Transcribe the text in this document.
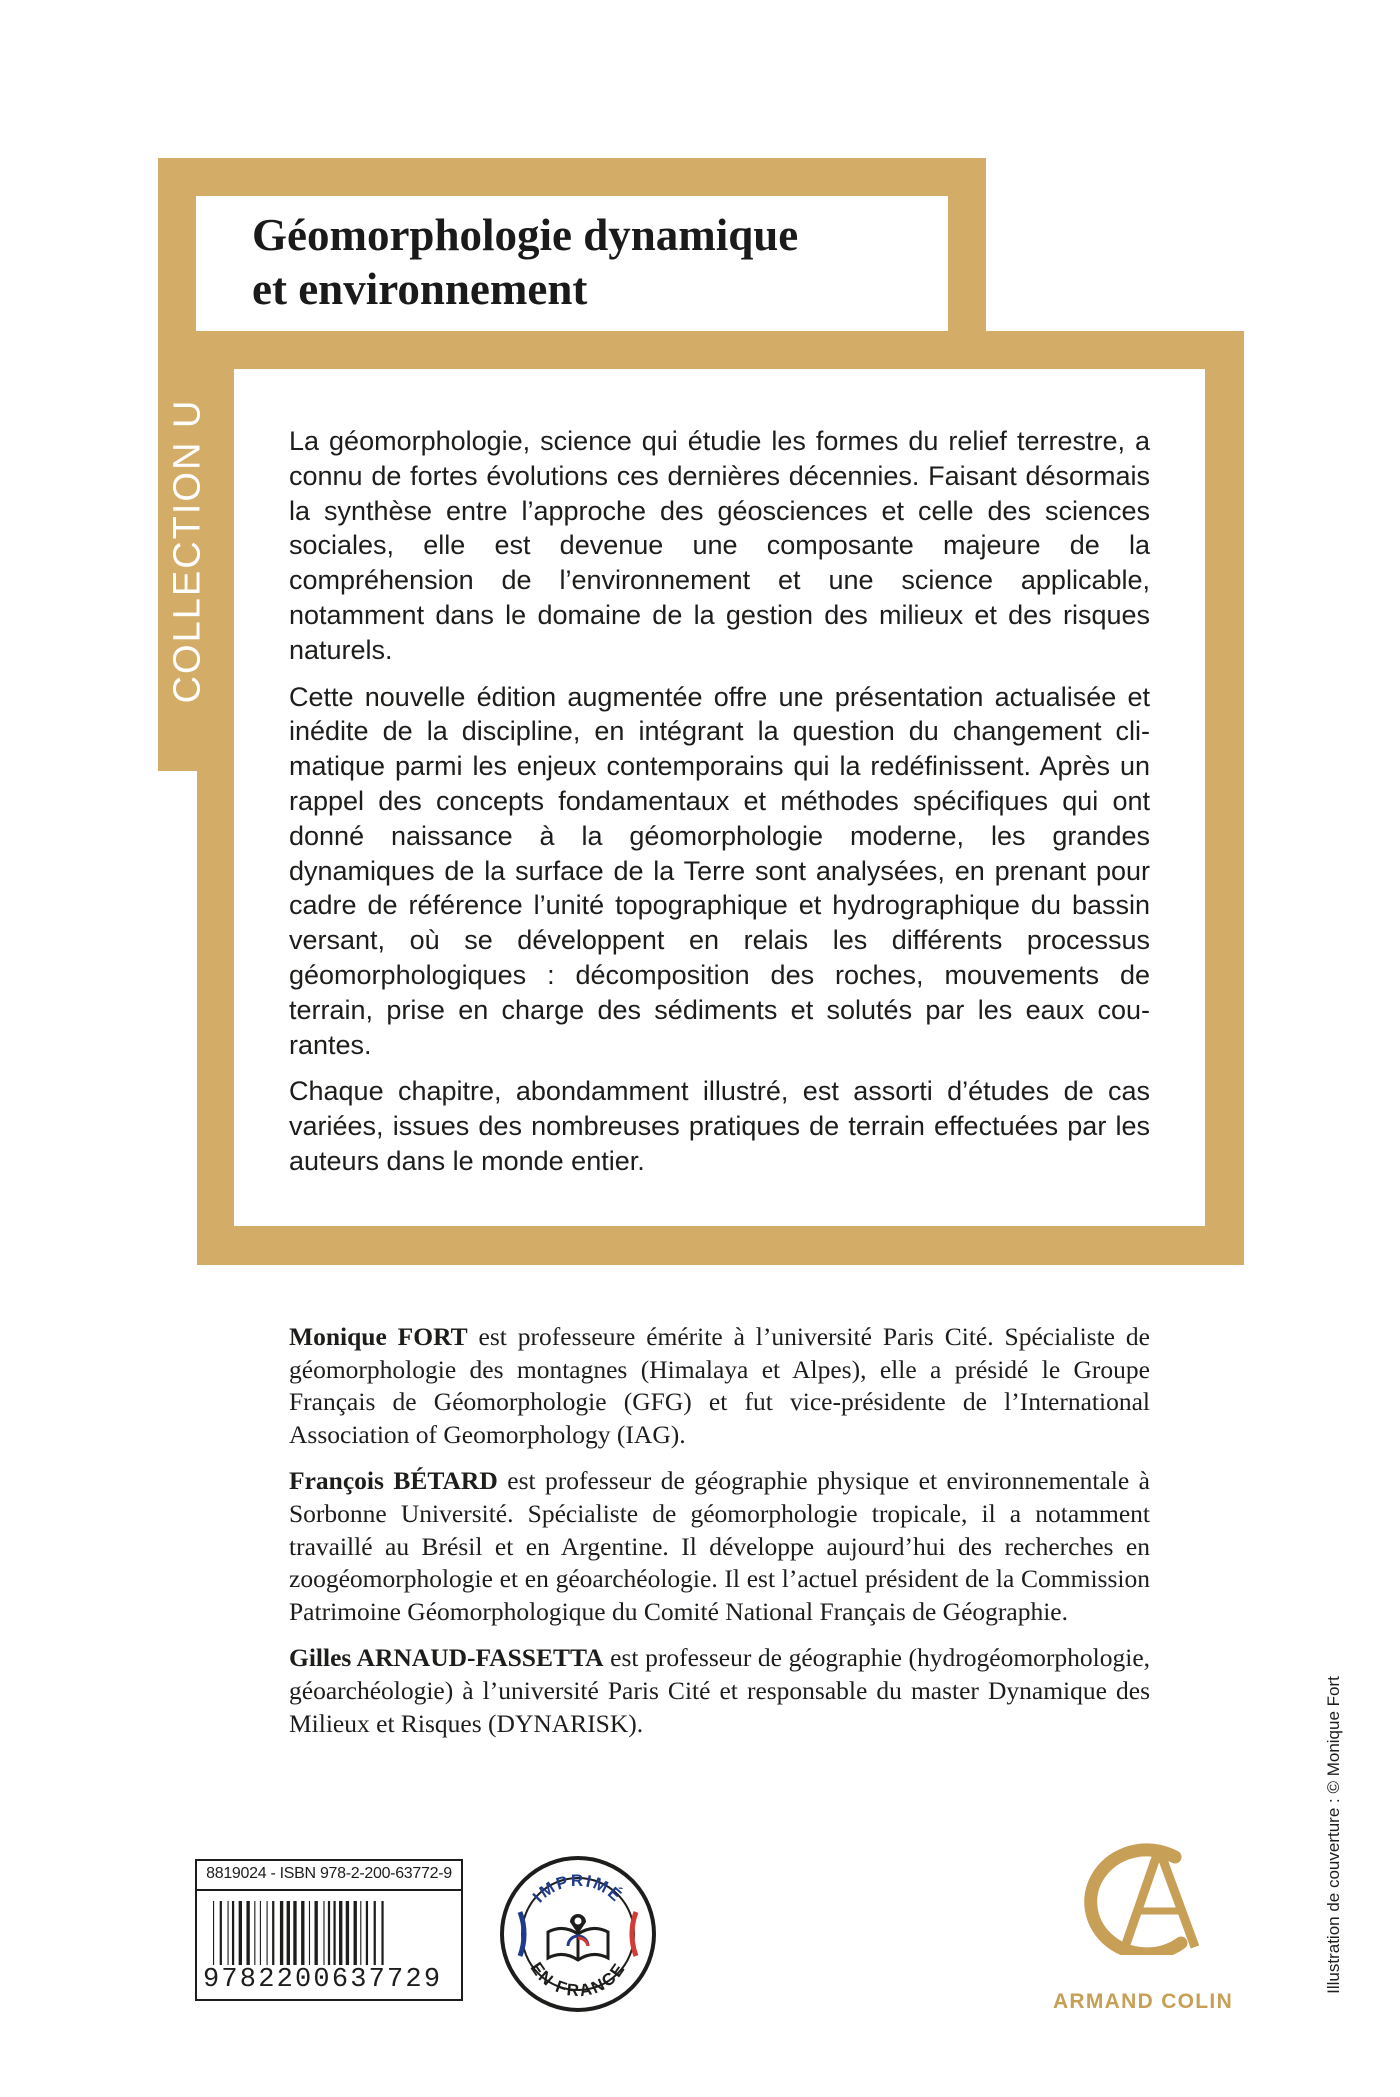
Géomorphologie dynamique
et environnement
COLLECTION U	La géomorphologie, science qui étudie les formes du relief terrestre, a connu de fortes évolutions ces dernières décennies. Faisant désormais la synthèse entre l’approche des géosciences et celle des sciences sociales, elle est devenue une composante majeure de la compréhension de l’environnement et une science applicable, notamment dans le domaine de la gestion des milieux et des risques naturels.

Cette nouvelle édition augmentée offre une présentation actualisée et inédite de la discipline, en intégrant la question du changement climatique parmi les enjeux contemporains qui la redéfinissent. Après un rappel des concepts fondamentaux et méthodes spécifiques qui ont donné naissance à la géomorphologie moderne, les grandes dynamiques de la surface de la Terre sont analysées, en prenant pour cadre de référence l’unité topographique et hydrographique du bassin versant, où se développent en relais les différents processus géomorphologiques : décomposition des roches, mouvements de terrain, prise en charge des sédiments et solutés par les eaux courantes.

Chaque chapitre, abondamment illustré, est assorti d’études de cas variées, issues des nombreuses pratiques de terrain effectuées par les auteurs dans le monde entier.

Monique FORT est professeure émérite à l’université Paris Cité. Spécialiste de géomorphologie des montagnes (Himalaya et Alpes), elle a présidé le Groupe Français de Géomorphologie (GFG) et fut vice-présidente de l’International Association of Geomorphology (IAG).

François BÉTARD est professeur de géographie physique et environnementale à Sorbonne Université. Spécialiste de géomorphologie tropicale, il a notamment travaillé au Brésil et en Argentine. Il développe aujourd’hui des recherches en zoogéomorphologie et en géoarchéologie. Il est l’actuel président de la Commission Patrimoine Géomorphologique du Comité National Français de Géographie.

Gilles ARNAUD-FASSETTA est professeur de géographie (hydrogéomorphologie, géoarchéologie) à l’université Paris Cité et responsable du master Dynamique des Milieux et Risques (DYNARISK).	Illustration de couverture : © Monique Fort
8819024 - ISBN 978-2-200-63772-9
9782200637729
IMPRIMÉ
EN FRANCE
ARMAND COLIN
